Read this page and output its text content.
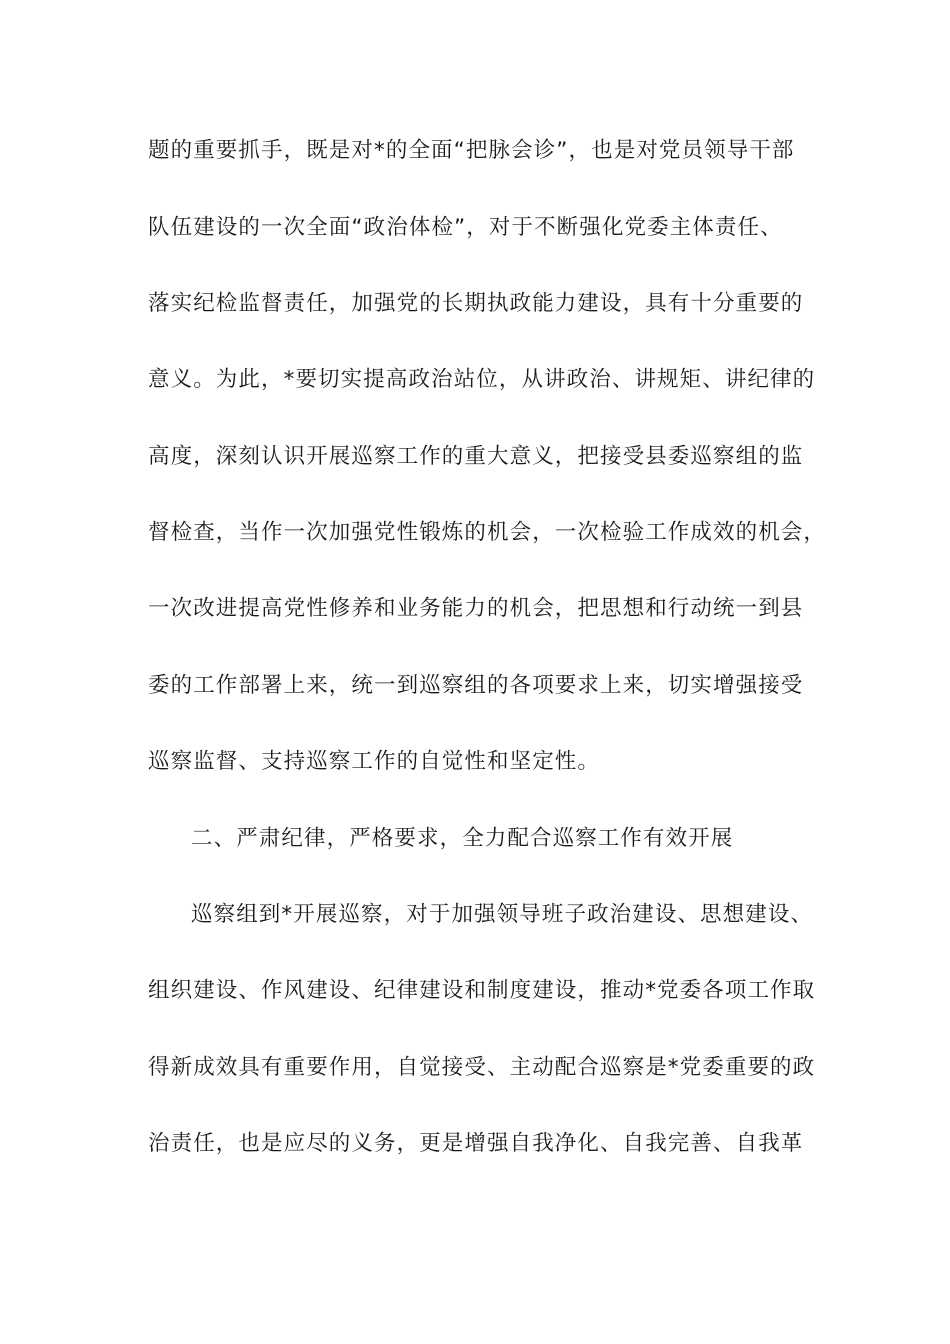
题的重要抓手，既是对*的全面“把脉会诊”，也是对党员领导干部
队伍建设的一次全面“政治体检”，对于不断强化党委主体责任、
落实纪检监督责任，加强党的长期执政能力建设，具有十分重要的
意义。为此，*要切实提高政治站位，从讲政治、讲规矩、讲纪律的
高度，深刻认识开展巡察工作的重大意义，把接受县委巡察组的监
督检查，当作一次加强党性锻炼的机会，一次检验工作成效的机会，
一次改进提高党性修养和业务能力的机会，把思想和行动统一到县
委的工作部署上来，统一到巡察组的各项要求上来，切实增强接受
巡察监督、支持巡察工作的自觉性和坚定性。
二、严肃纪律，严格要求，全力配合巡察工作有效开展
巡察组到*开展巡察，对于加强领导班子政治建设、思想建设、
组织建设、作风建设、纪律建设和制度建设，推动*党委各项工作取
得新成效具有重要作用，自觉接受、主动配合巡察是*党委重要的政
治责任，也是应尽的义务，更是增强自我净化、自我完善、自我革
